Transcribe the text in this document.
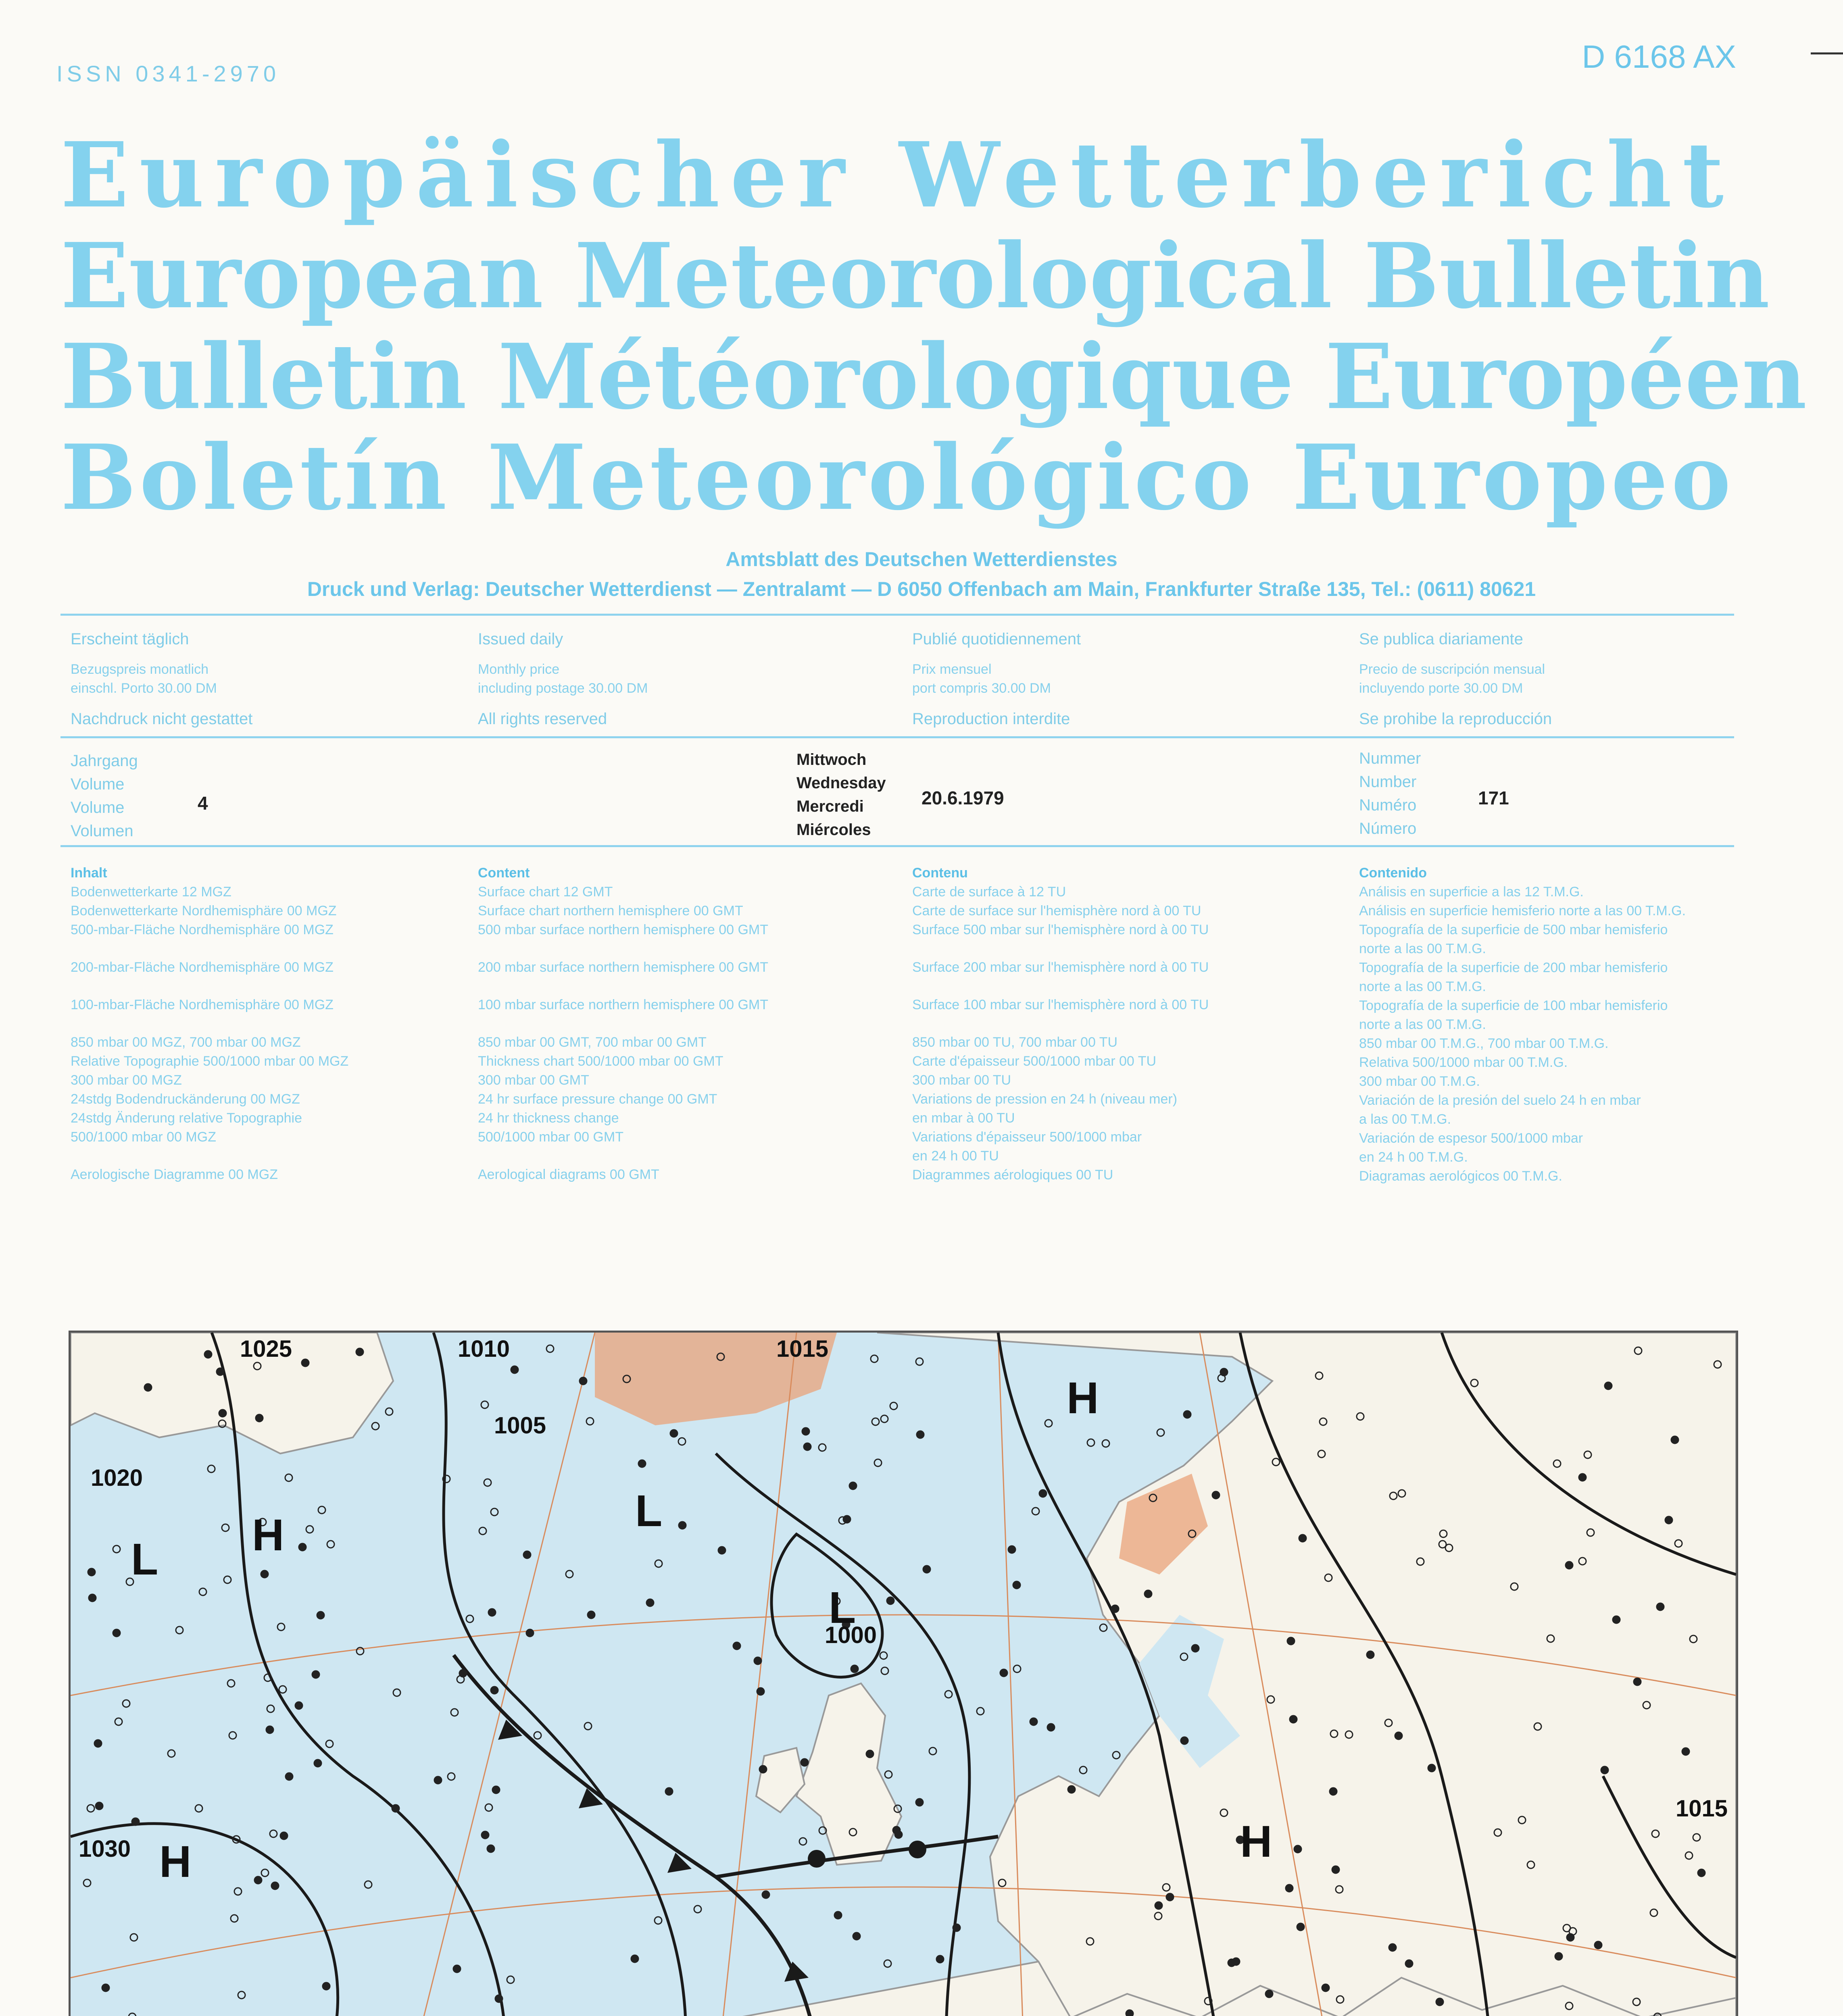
ISSN 0341-2970	D 6168 AX
Europäischer Wetterbericht
European Meteorological Bulletin
Bulletin Météorologique Européen
Boletín Meteorológico Europeo
Amtsblatt des Deutschen Wetterdienstes
Druck und Verlag: Deutscher Wetterdienst — Zentralamt — D 6050 Offenbach am Main, Frankfurter Straße 135, Tel.: (0611) 80621

Erscheint täglich

Bezugspreis monatlich

einschl. Porto 30.00 DM

Nachdruck nicht gestattet

Issued daily

Monthly price

including postage 30.00 DM

All rights reserved

Publié quotidiennement

Prix mensuel

port compris 30.00 DM

Reproduction interdite

Se publica diariamente

Precio de suscripción mensual

incluyendo porte 30.00 DM

Se prohibe la reproducción

Jahrgang

Volume

Volume

Volumen

4

Mittwoch

Wednesday

Mercredi

Miércoles

20.6.1979

Nummer

Number

Numéro

Número

171

Inhalt

Bodenwetterkarte 12 MGZ

Bodenwetterkarte Nordhemisphäre 00 MGZ

500-mbar-Fläche Nordhemisphäre 00 MGZ

200-mbar-Fläche Nordhemisphäre 00 MGZ

100-mbar-Fläche Nordhemisphäre 00 MGZ

850 mbar 00 MGZ, 700 mbar 00 MGZ

Relative Topographie 500/1000 mbar 00 MGZ

300 mbar 00 MGZ

24stdg Bodendruckänderung 00 MGZ

24stdg Änderung relative Topographie

500/1000 mbar 00 MGZ

Aerologische Diagramme 00 MGZ

Content

Surface chart 12 GMT

Surface chart northern hemisphere 00 GMT

500 mbar surface northern hemisphere 00 GMT

200 mbar surface northern hemisphere 00 GMT

100 mbar surface northern hemisphere 00 GMT

850 mbar 00 GMT, 700 mbar 00 GMT

Thickness chart 500/1000 mbar 00 GMT

300 mbar 00 GMT

24 hr surface pressure change 00 GMT

24 hr thickness change

500/1000 mbar 00 GMT

Aerological diagrams 00 GMT

Contenu

Carte de surface à 12 TU

Carte de surface sur l'hemisphère nord à 00 TU

Surface 500 mbar sur l'hemisphère nord à 00 TU

Surface 200 mbar sur l'hemisphère nord à 00 TU

Surface 100 mbar sur l'hemisphère nord à 00 TU

850 mbar 00 TU, 700 mbar 00 TU

Carte d'épaisseur 500/1000 mbar 00 TU

300 mbar 00 TU

Variations de pression en 24 h (niveau mer)

en mbar à 00 TU

Variations d'épaisseur 500/1000 mbar

en 24 h 00 TU

Diagrammes aérologiques 00 TU

Contenido

Análisis en superficie a las 12 T.M.G.

Análisis en superficie hemisferio norte a las 00 T.M.G.

Topografía de la superficie de 500 mbar hemisferio

norte a las 00 T.M.G.

Topografía de la superficie de 200 mbar hemisferio

norte a las 00 T.M.G.

Topografía de la superficie de 100 mbar hemisferio

norte a las 00 T.M.G.

850 mbar 00 T.M.G., 700 mbar 00 T.M.G.

Relativa 500/1000 mbar 00 T.M.G.

300 mbar 00 T.M.G.

Variación de la presión del suelo 24 h en mbar

a las 00 T.M.G.

Variación de espesor 500/1000 mbar

en 24 h 00 T.M.G.

Diagramas aerológicos 00 T.M.G.

1025
1020
1015
1010
1005
1000
1030
1015
H
H
H
H
L
L
L
